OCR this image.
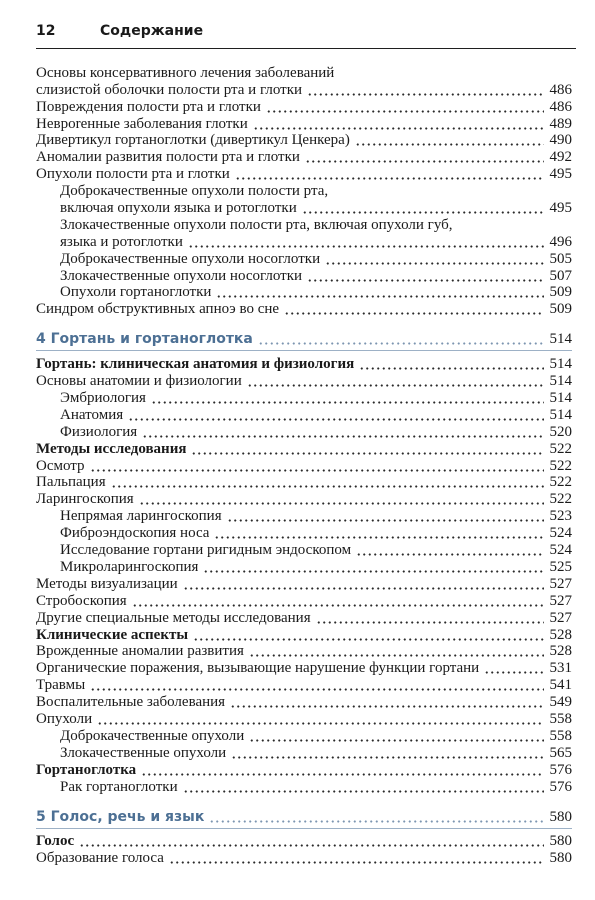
12	Содержание
Основы консервативного лечения заболеваний
слизистой оболочки полости рта и глотки	486
Повреждения полости рта и глотки	486
Невроrенные заболевания глотки	489
Дивертикул гортаноглотки (дивертикул Ценкера)	490
Аномалии развития полости рта и глотки	492
Опухоли полости рта и глотки	495
Доброкачественные опухоли полости рта,
включая опухоли языка и ротоглотки	495
Злокачественные опухоли полости рта, включая опухоли губ,
языка и ротоглотки	496
Доброкачественные опухоли носоглотки	505
Злокачественные опухоли носоглотки	507
Опухоли гортаноглотки	509
Синдром обструктивных апноэ во сне	509
4 Гортань и гортаноглотка	514
Гортань: клиническая анатомия и физиология	514
Основы анатомии и физиологии	514
Эмбриология	514
Анатомия	514
Физиология	520
Методы исследования	522
Осмотр	522
Пальпация	522
Ларингоскопия	522
Непрямая ларингоскопия	523
Фиброэндоскопия носа	524
Исследование гортани ригидным эндоскопом	524
Микроларингоскопия	525
Методы визуализации	527
Стробоскопия	527
Другие специальные методы исследования	527
Клинические аспекты	528
Врожденные аномалии развития	528
Органические поражения, вызывающие нарушение функции гортани	531
Травмы	541
Воспалительные заболевания	549
Опухоли	558
Доброкачественные опухоли	558
Злокачественные опухоли	565
Гортаноглотка	576
Рак гортаноглотки	576
5 Голос, речь и язык	580
Голос	580
Образование голоса	580
